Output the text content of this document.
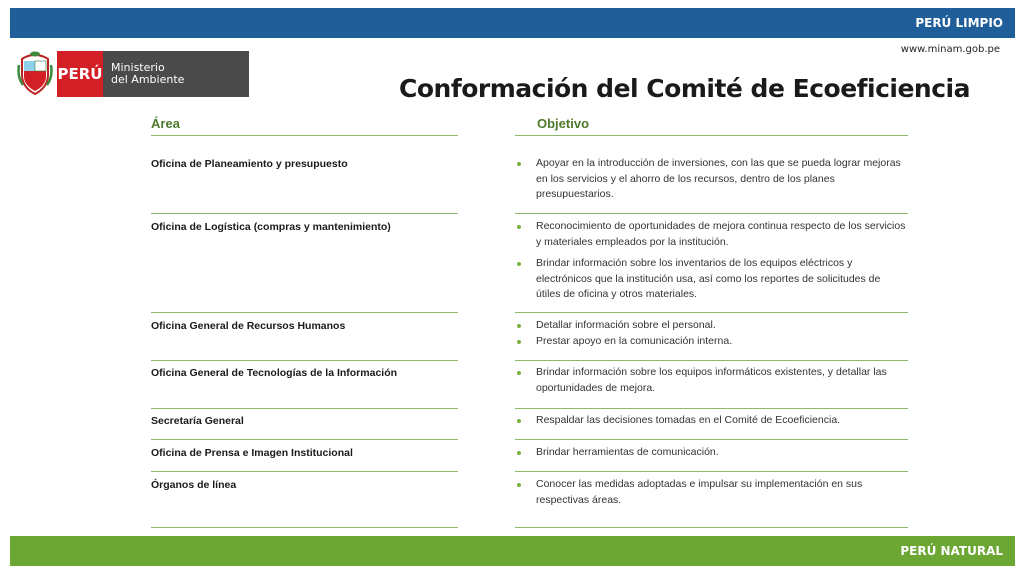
PERÚ LIMPIO
www.minam.gob.pe
PERÚ Ministerio
del Ambiente	Conformación del Comité de Ecoeficiencia
Área	Objetivo
Oficina de Planeamiento y presupuesto	Apoyar en la introducción de inversiones, con las que se pueda lograr mejoras en los servicios y el ahorro de los recursos, dentro de los planes presupuestarios.
Oficina de Logística (compras y mantenimiento)	Reconocimiento de oportunidades de mejora continua respecto de los servicios y materiales empleados por la institución.
Brindar información sobre los inventarios de los equipos eléctricos y electrónicos que la institución usa, así como los reportes de solicitudes de útiles de oficina y otros materiales.
Oficina General de Recursos Humanos	Detallar información sobre el personal.
Prestar apoyo en la comunicación interna.
Oficina General de Tecnologías de la Información	Brindar información sobre los equipos informáticos existentes, y detallar las oportunidades de mejora.
Secretaría General	Respaldar las decisiones tomadas en el Comité de Ecoeficiencia.
Oficina de Prensa e Imagen Institucional	Brindar herramientas de comunicación.
Órganos de línea	Conocer las medidas adoptadas e impulsar su implementación en sus respectivas áreas.
PERÚ NATURAL
